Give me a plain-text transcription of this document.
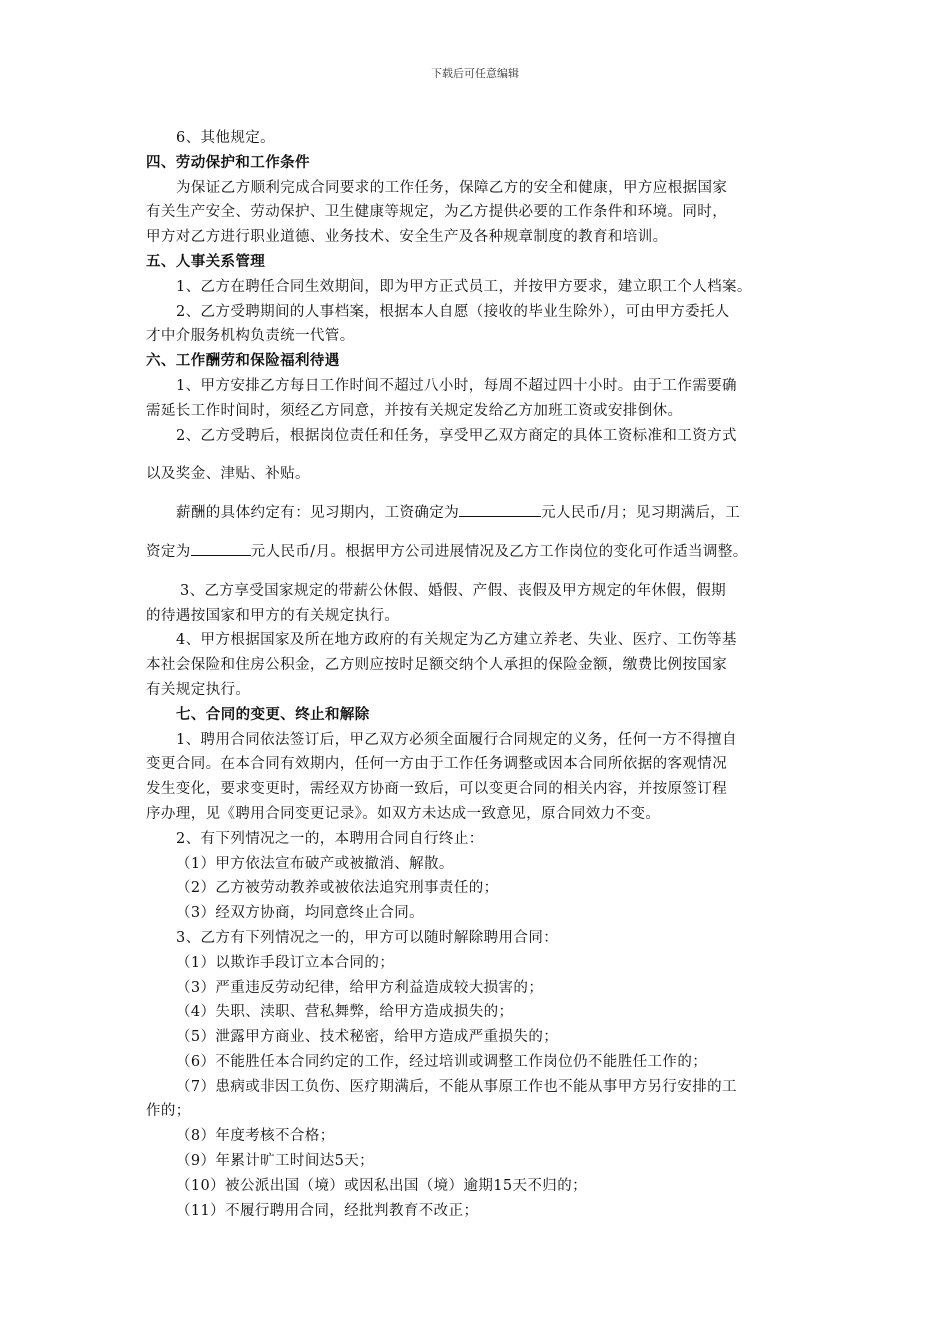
下载后可任意编辑
6、其他规定。
四、劳动保护和工作条件
为保证乙方顺利完成合同要求的工作任务，保障乙方的安全和健康，甲方应根据国家
有关生产安全、劳动保护、卫生健康等规定，为乙方提供必要的工作条件和环境。同时，
甲方对乙方进行职业道德、业务技术、安全生产及各种规章制度的教育和培训。
五、人事关系管理
1、乙方在聘任合同生效期间，即为甲方正式员工，并按甲方要求，建立职工个人档案。
2、乙方受聘期间的人事档案，根据本人自愿（接收的毕业生除外），可由甲方委托人
才中介服务机构负责统一代管。
六、工作酬劳和保险福利待遇
1、甲方安排乙方每日工作时间不超过八小时，每周不超过四十小时。由于工作需要确
需延长工作时间时，须经乙方同意，并按有关规定发给乙方加班工资或安排倒休。
2、乙方受聘后，根据岗位责任和任务，享受甲乙双方商定的具体工资标准和工资方式
以及奖金、津贴、补贴。
薪酬的具体约定有：见习期内，工资确定为	元人民币/月；见习期满后，工
资定为	元人民币/月。根据甲方公司进展情况及乙方工作岗位的变化可作适当调整。
3、乙方享受国家规定的带薪公休假、婚假、产假、丧假及甲方规定的年休假，假期
的待遇按国家和甲方的有关规定执行。
4、甲方根据国家及所在地方政府的有关规定为乙方建立养老、失业、医疗、工伤等基
本社会保险和住房公积金，乙方则应按时足额交纳个人承担的保险金额，缴费比例按国家
有关规定执行。
七、合同的变更、终止和解除
1、聘用合同依法签订后，甲乙双方必须全面履行合同规定的义务，任何一方不得擅自
变更合同。在本合同有效期内，任何一方由于工作任务调整或因本合同所依据的客观情况
发生变化，要求变更时，需经双方协商一致后，可以变更合同的相关内容，并按原签订程
序办理，见《聘用合同变更记录》。如双方未达成一致意见，原合同效力不变。
2、有下列情况之一的，本聘用合同自行终止：
（1）甲方依法宣布破产或被撤消、解散。
（2）乙方被劳动教养或被依法追究刑事责任的；
（3）经双方协商，均同意终止合同。
3、乙方有下列情况之一的，甲方可以随时解除聘用合同：
（1）以欺诈手段订立本合同的；
（3）严重违反劳动纪律，给甲方利益造成较大损害的；
（4）失职、渎职、营私舞弊，给甲方造成损失的；
（5）泄露甲方商业、技术秘密，给甲方造成严重损失的；
（6）不能胜任本合同约定的工作，经过培训或调整工作岗位仍不能胜任工作的；
（7）患病或非因工负伤、医疗期满后，不能从事原工作也不能从事甲方另行安排的工
作的；
（8）年度考核不合格；
（9）年累计旷工时间达5天；
（10）被公派出国（境）或因私出国（境）逾期15天不归的；
（11）不履行聘用合同，经批判教育不改正；
